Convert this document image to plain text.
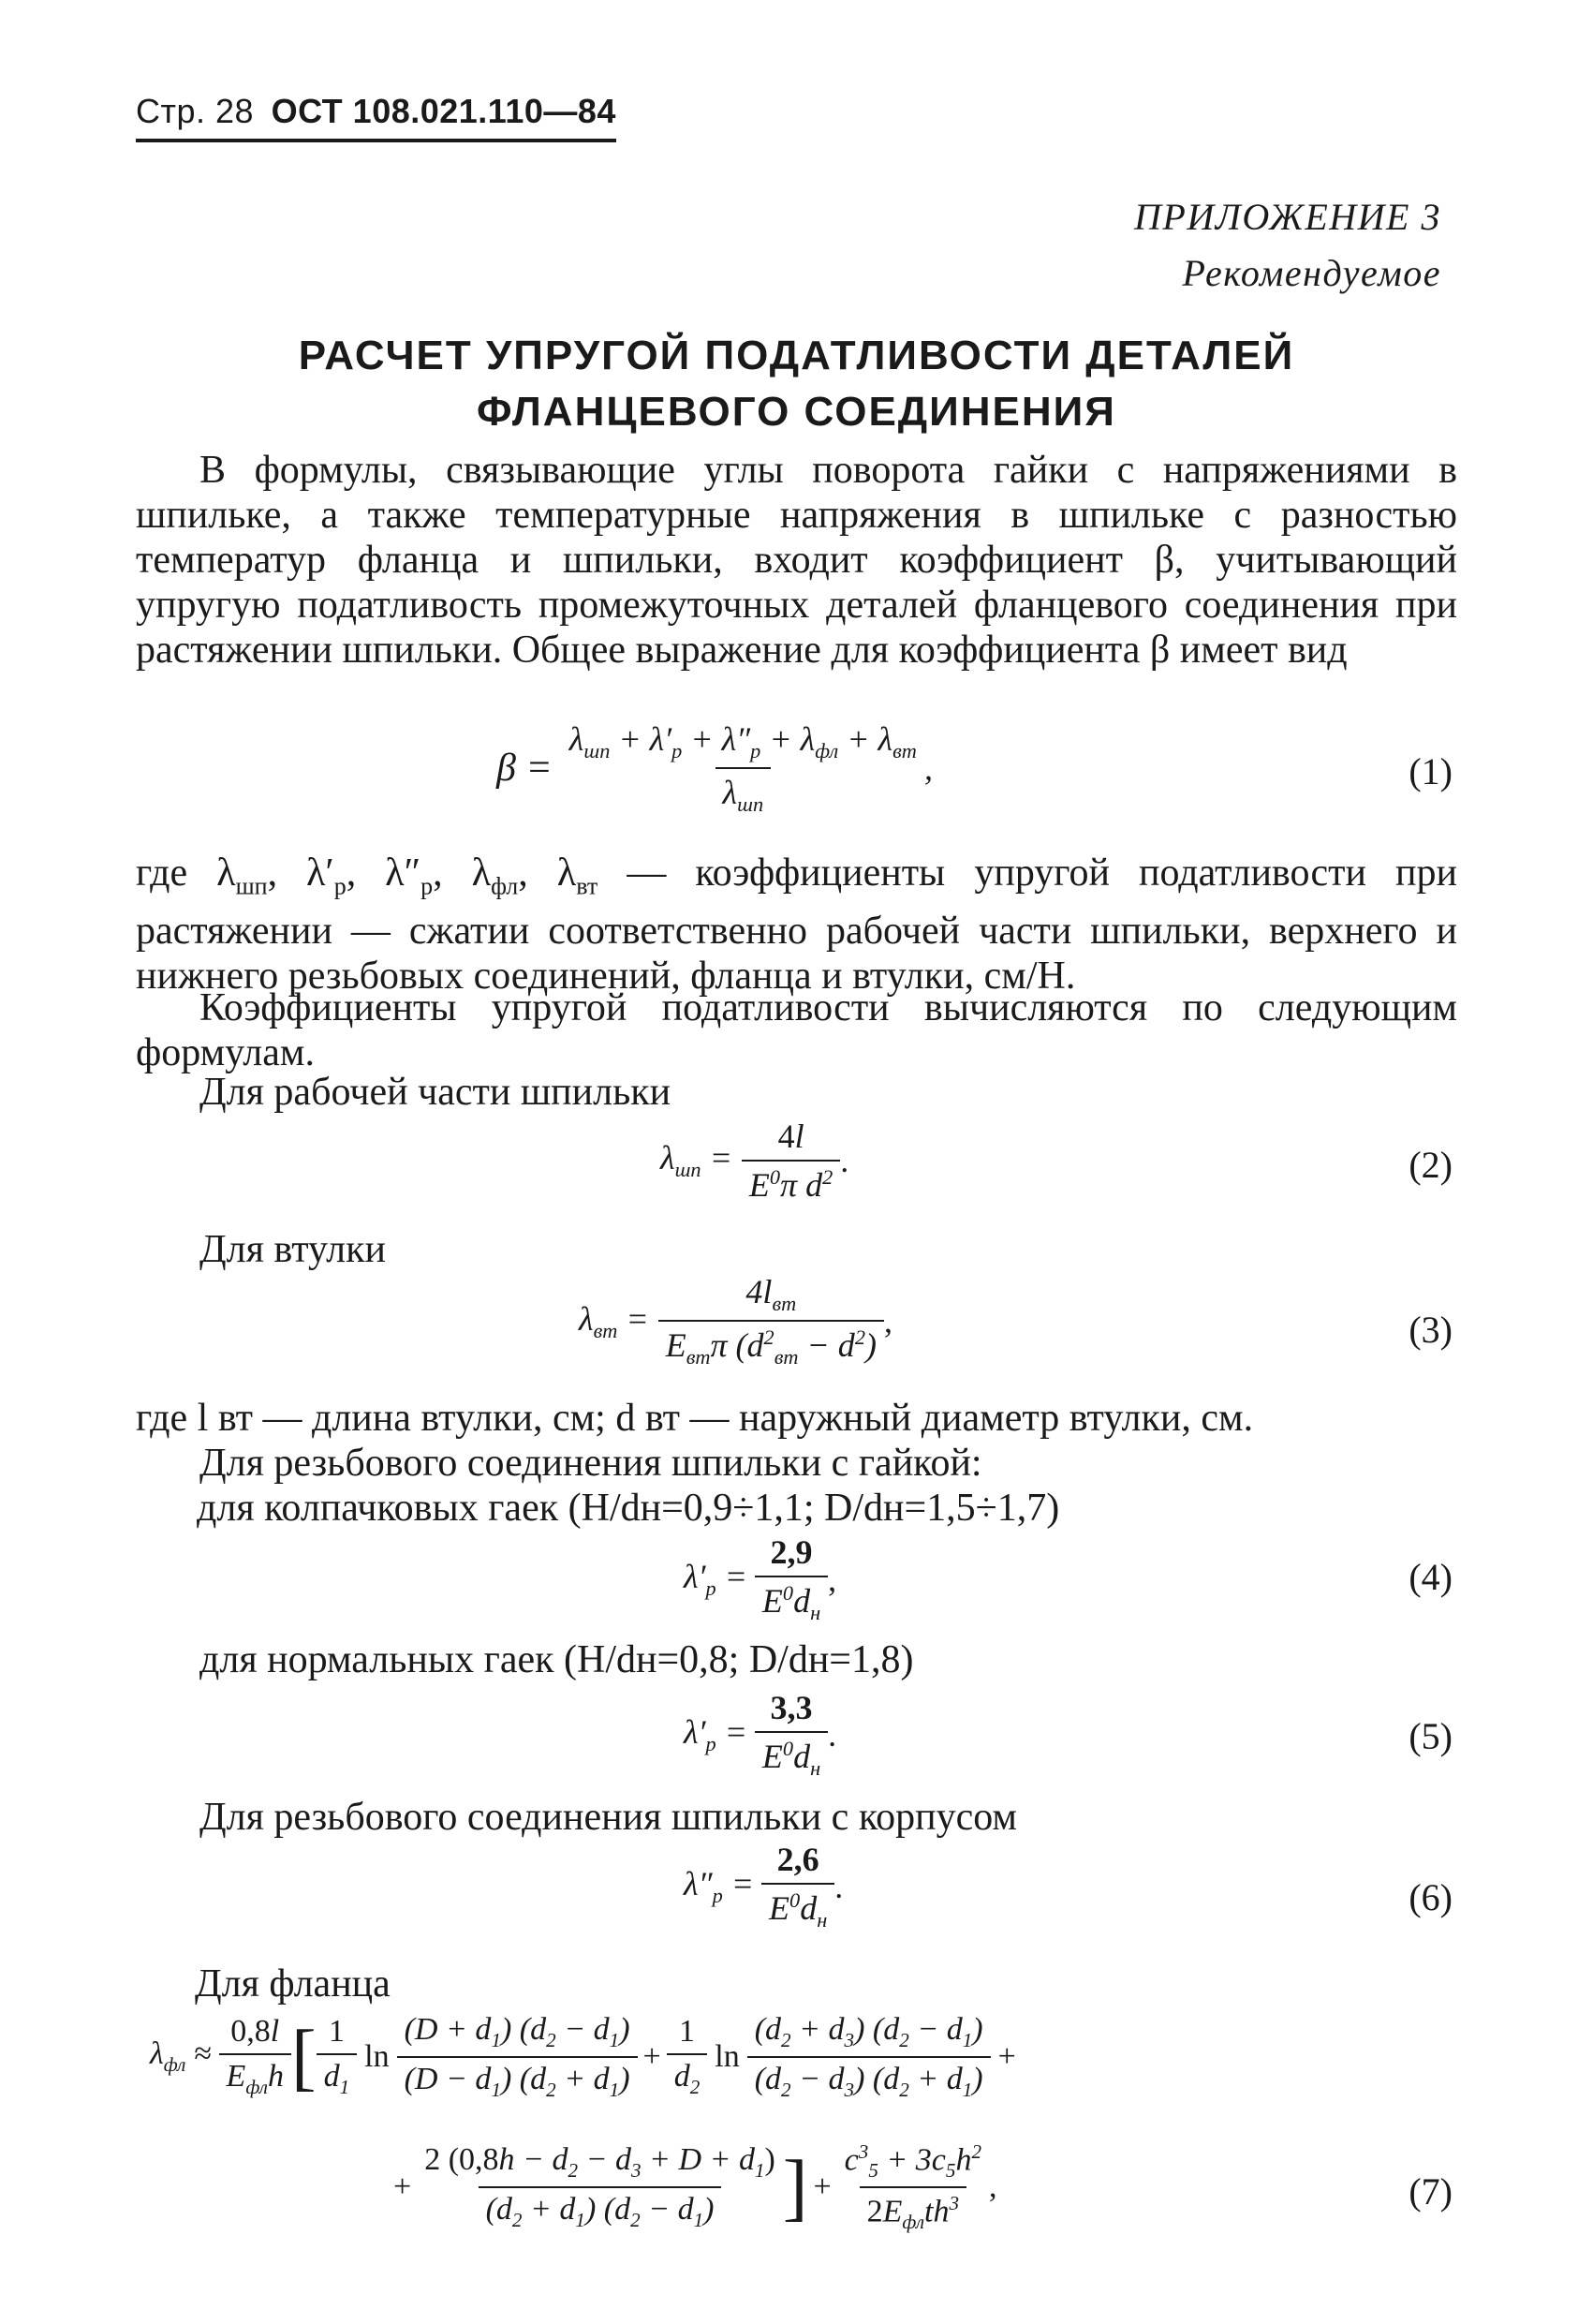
Стр. 28 ОСТ 108.021.110—84
ПРИЛОЖЕНИЕ 3
Рекомендуемое
РАСЧЕТ УПРУГОЙ ПОДАТЛИВОСТИ ДЕТАЛЕЙ
ФЛАНЦЕВОГО СОЕДИНЕНИЯ
В формулы, связывающие углы поворота гайки с напряжениями в шпильке, а также температурные напряжения в шпильке с разностью температур фланца и шпильки, входит коэффициент β, учитывающий упругую податливость промежуточных деталей фланцевого соединения при растяжении шпильки. Общее выражение для коэффициента β имеет вид
$\beta = \frac{\lambda_{шп} + \lambda'_р + \lambda''_р + \lambda_{фл} + \lambda_{вт}}{\lambda_{шп}}$ ,	(1)
где $\lambda_{шп}$, $\lambda'_р$, $\lambda''_р$, $\lambda_{фл}$, $\lambda_{вт}$ — коэффициенты упругой податливости при растяжении — сжатии соответственно рабочей части шпильки, верхнего и нижнего резьбовых соединений, фланца и втулки, см/Н.
Коэффициенты упругой податливости вычисляются по следующим формулам.
Для рабочей части шпильки
$\lambda_{шп} = \frac{4l}{E^0\pi d^2}$ .	(2)
Для втулки
$\lambda_{вт} = \frac{4l_{вт}}{E_{вт}\pi (d^2_{вт} - d^2)}$ ,	(3)
где l вт — длина втулки, см; d вт — наружный диаметр втулки, см.
Для резьбового соединения шпильки с гайкой:
для колпачковых гаек (H/dн=0,9÷1,1; D/dн=1,5÷1,7)
$\lambda'_р = \frac{2,9}{E^0d_н}$ ,	(4)
для нормальных гаек (H/dн=0,8; D/dн=1,8)
$\lambda'_р = \frac{3,3}{E^0d_н}$ .	(5)
Для резьбового соединения шпильки с корпусом
$\lambda''_р = \frac{2,6}{E^0d_н}$ .	(6)
Для фланца
$\lambda_{фл} \approx \frac{0,8l}{E_{фл}h}$ [ $\frac{1}{d_1}$ $\ln \frac{(D + d_1) (d_2 - d_1)}{(D - d_1) (d_2 + d_1)} + \frac{1}{d_2}$ $\ln \frac{(d_2 + d_3) (d_2 - d_1)}{(d_2 - d_3) (d_2 + d_1)}$ +
+ $\frac{2 (0,8h - d_2 - d_3 + D + d_1)}{(d_2 + d_1) (d_2 - d_1)}$ ] + $\frac{c^3_5 + 3c_5h^2}{2E_{фл}th^3}$ ,	(7)
